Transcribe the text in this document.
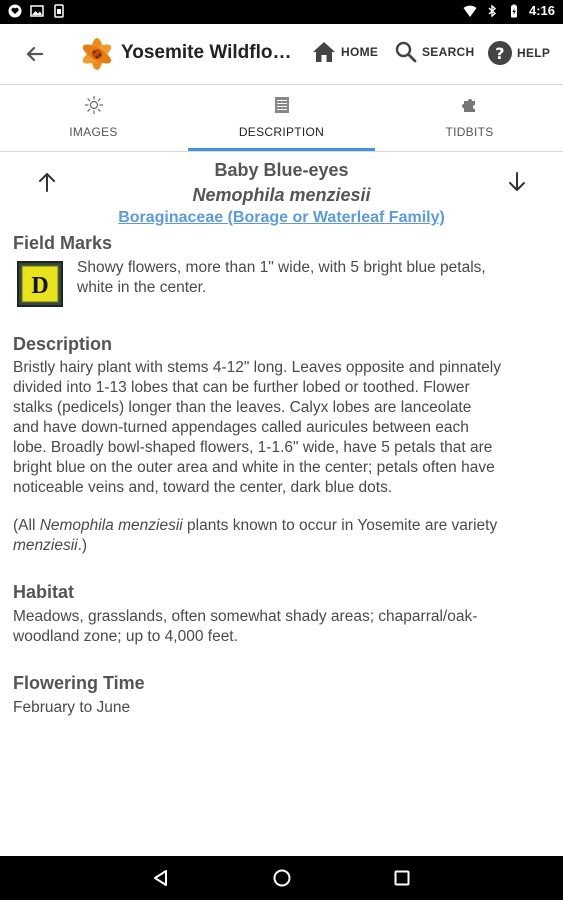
4:16
Yosemite Wildflo…	HOME	SEARCH ? HELP
IMAGES	DESCRIPTION	TIDBITS
Baby Blue-eyes
Nemophila menziesii
Boraginaceae (Borage or Waterleaf Family)
Field Marks
D
Showy flowers, more than 1" wide, with 5 bright blue petals,
white in the center.
Description
Bristly hairy plant with stems 4-12" long. Leaves opposite and pinnately
divided into 1-13 lobes that can be further lobed or toothed. Flower
stalks (pedicels) longer than the leaves. Calyx lobes are lanceolate
and have down-turned appendages called auricules between each
lobe. Broadly bowl-shaped flowers, 1-1.6" wide, have 5 petals that are
bright blue on the outer area and white in the center; petals often have
noticeable veins and, toward the center, dark blue dots.
(All Nemophila menziesii plants known to occur in Yosemite are variety
menziesii.)
Habitat
Meadows, grasslands, often somewhat shady areas; chaparral/oak-
woodland zone; up to 4,000 feet.
Flowering Time
February to June
